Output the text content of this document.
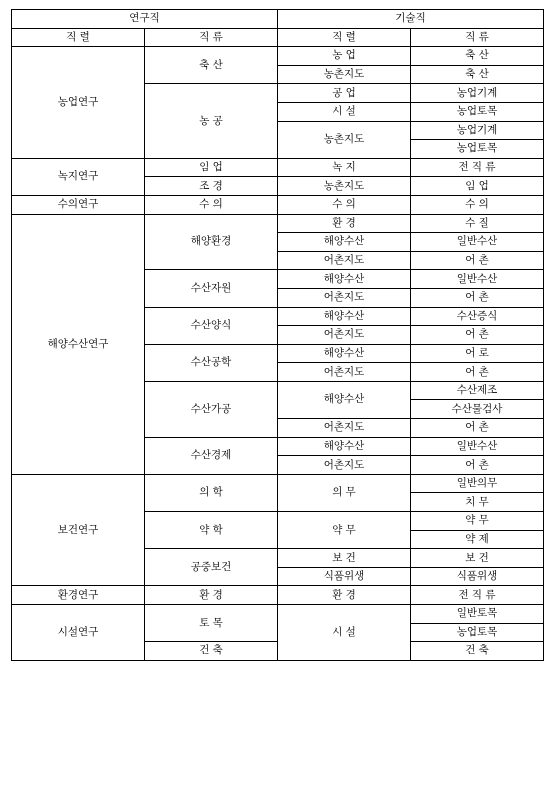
연구직		기술직	
직 렬	직 류	직 렬	직 류
농업연구	축 산	농 업	축 산
		농촌지도	축 산
	농 공	공 업	농업기계
		시 설	농업토목
		농촌지도	농업기계
			농업토목
녹지연구	임 업	녹 지	전 직 류
	조 경	농촌지도	임 업
수의연구	수 의	수 의	수 의
해양수산연구	해양환경	환 경	수 질
		해양수산	일반수산
		어촌지도	어 촌
	수산자원	해양수산	일반수산
		어촌지도	어 촌
	수산양식	해양수산	수산증식
		어촌지도	어 촌
	수산공학	해양수산	어 로
		어촌지도	어 촌
	수산가공	해양수산	수산제조
			수산물검사
		어촌지도	어 촌
	수산경제	해양수산	일반수산
		어촌지도	어 촌
보건연구	의 학	의 무	일반의무
			치 무
	약 학	약 무	약 무
			약 제
	공중보건	보 건	보 건
		식품위생	식품위생
환경연구	환 경	환 경	전 직 류
시설연구	토 목	시 설	일반토목
			농업토목
	건 축		건 축
